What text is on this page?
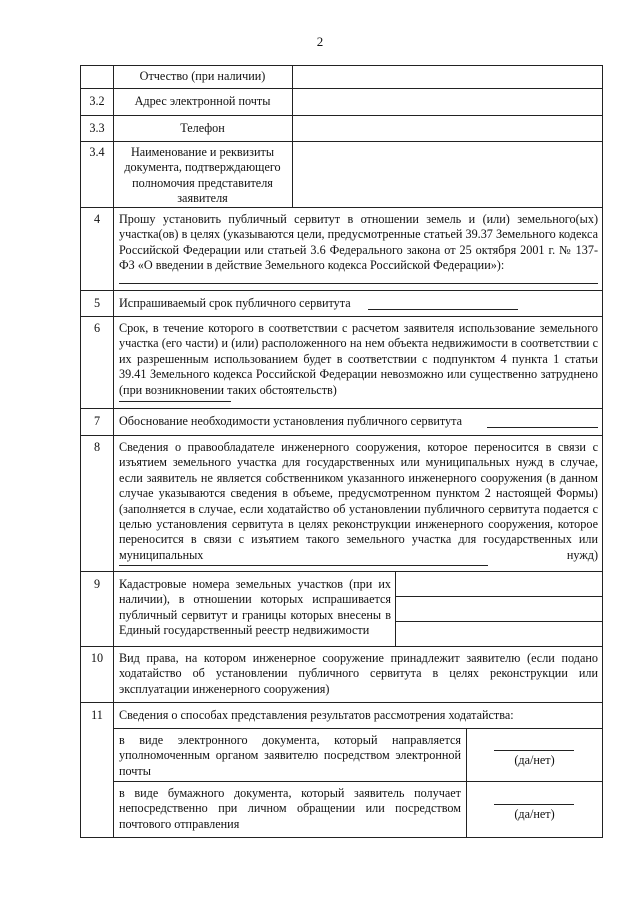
2
Отчество (при наличии)
3.2	Адрес электронной почты
3.3	Телефон
3.4	Наименование и реквизиты документа, подтверждающего полномочия представителя заявителя
4	Прошу установить публичный сервитут в отношении земель и (или) земельного(ых) участка(ов) в целях (указываются цели, предусмотренные статьей 39.37 Земельного кодекса Российской Федерации или статьей 3.6 Федерального закона от 25 октября 2001 г. № 137-ФЗ «О введении в действие Земельного кодекса Российской Федерации»):
5	Испрашиваемый срок публичного сервитута
6	Срок, в течение которого в соответствии с расчетом заявителя использование земельного участка (его части) и (или) расположенного на нем объекта недвижимости в соответствии с их разрешенным использованием будет в соответствии с подпунктом 4 пункта 1 статьи 39.41 Земельного кодекса Российской Федерации невозможно или существенно затруднено (при возникновении таких обстоятельств)
7	Обоснование необходимости установления публичного сервитута
8	Сведения о правообладателе инженерного сооружения, которое переносится в связи с изъятием земельного участка для государственных или муниципальных нужд в случае, если заявитель не является собственником указанного инженерного сооружения (в данном случае указываются сведения в объеме, предусмотренном пунктом 2 настоящей Формы) (заполняется в случае, если ходатайство об установлении публичного сервитута подается с целью установления сервитута в целях реконструкции инженерного сооружения, которое переносится в связи с изъятием такого земельного участка для государственных или муниципальных нужд)
9	Кадастровые номера земельных участков (при их наличии), в отношении которых испрашивается публичный сервитут и границы которых внесены в Единый государственный реестр недвижимости
10	Вид права, на котором инженерное сооружение принадлежит заявителю (если подано ходатайство об установлении публичного сервитута в целях реконструкции или эксплуатации инженерного сооружения)
11	Сведения о способах представления результатов рассмотрения ходатайства:
в виде электронного документа, который направляется уполномоченным органом заявителю посредством электронной почты
(да/нет)
в виде бумажного документа, который заявитель получает непосредственно при личном обращении или посредством почтового отправления
(да/нет)
